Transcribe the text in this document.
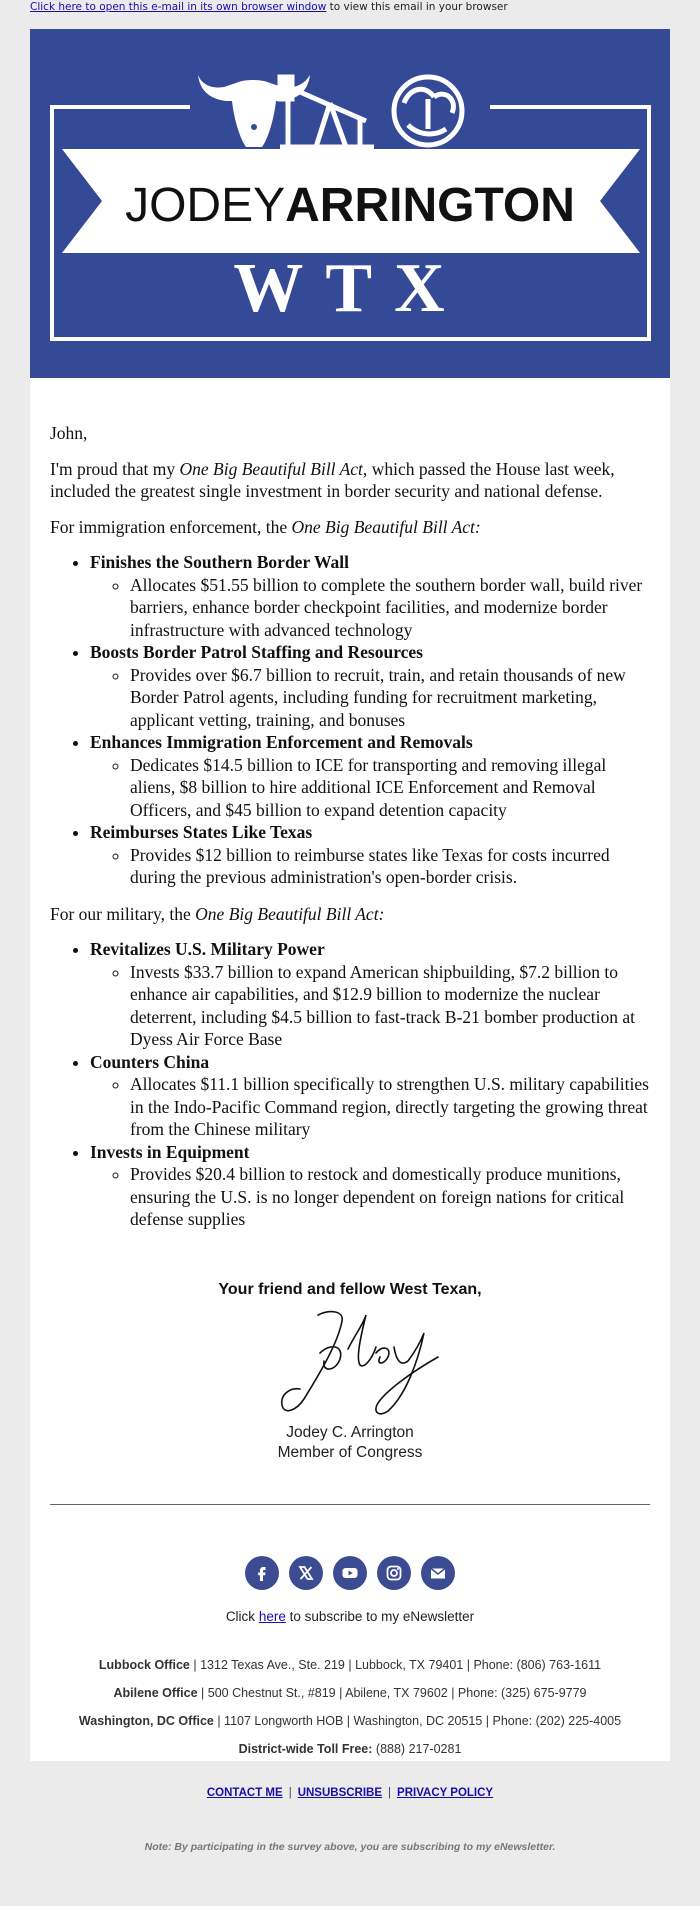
Click here to open this e-mail in its own browser window to view this email in your browser
JODEYARRINGTON
WTX

John,

I'm proud that my One Big Beautiful Bill Act, which passed the House last week, included the greatest single investment in border security and national defense.

For immigration enforcement, the One Big Beautiful Bill Act:

• Finishes the Southern Border Wall
◦ Allocates $51.55 billion to complete the southern border wall, build river barriers, enhance border checkpoint facilities, and modernize border infrastructure with advanced technology
• Boosts Border Patrol Staffing and Resources
◦ Provides over $6.7 billion to recruit, train, and retain thousands of new Border Patrol agents, including funding for recruitment marketing, applicant vetting, training, and bonuses
• Enhances Immigration Enforcement and Removals
◦ Dedicates $14.5 billion to ICE for transporting and removing illegal aliens, $8 billion to hire additional ICE Enforcement and Removal Officers, and $45 billion to expand detention capacity
• Reimburses States Like Texas
◦ Provides $12 billion to reimburse states like Texas for costs incurred during the previous administration's open-border crisis.

For our military, the One Big Beautiful Bill Act:

• Revitalizes U.S. Military Power
◦ Invests $33.7 billion to expand American shipbuilding, $7.2 billion to enhance air capabilities, and $12.9 billion to modernize the nuclear deterrent, including $4.5 billion to fast-track B-21 bomber production at Dyess Air Force Base
• Counters China
◦ Allocates $11.1 billion specifically to strengthen U.S. military capabilities in the Indo-Pacific Command region, directly targeting the growing threat from the Chinese military
• Invests in Equipment
◦ Provides $20.4 billion to restock and domestically produce munitions, ensuring the U.S. is no longer dependent on foreign nations for critical defense supplies
Your friend and fellow West Texan,
Jodey C. Arrington
Member of Congress

Click here to subscribe to my eNewsletter
Lubbock Office | 1312 Texas Ave., Ste. 219 | Lubbock, TX 79401 | Phone: (806) 763-1611
Abilene Office | 500 Chestnut St., #819 | Abilene, TX 79602 | Phone: (325) 675-9779
Washington, DC Office | 1107 Longworth HOB | Washington, DC 20515 | Phone: (202) 225-4005
District-wide Toll Free: (888) 217-0281
CONTACT ME | UNSUBSCRIBE | PRIVACY POLICY
Note: By participating in the survey above, you are subscribing to my eNewsletter.
